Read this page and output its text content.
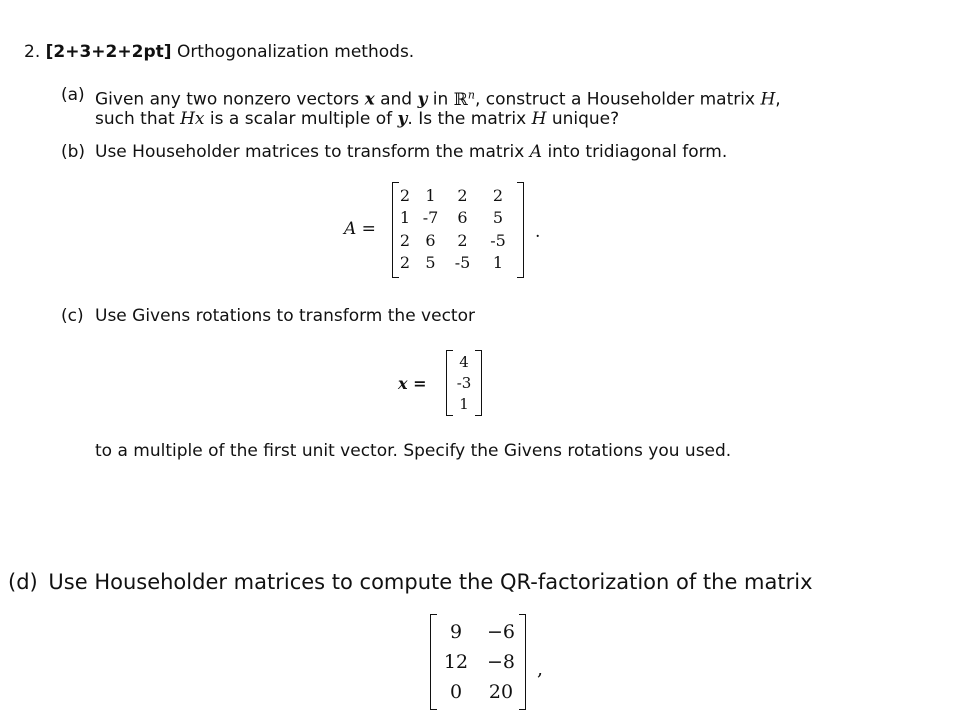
2. [2+3+2+2pt] Orthogonalization methods.
(a) Given any two nonzero vectors x and y in ℝ$^n$, construct a Householder matrix H,
such that Hx is a scalar multiple of y. Is the matrix H unique?
(b) Use Householder matrices to transform the matrix A into tridiagonal form.
A =
2 1	2	2
1 -7	6	5
2 6	2	-5
2 5	-5	1
.
(c) Use Givens rotations to transform the vector
x =
4
-3
1
to a multiple of the first unit vector. Specify the Givens rotations you used.
(d) Use Householder matrices to compute the QR-factorization of the matrix
9	−6
12 −8
0	20
,
